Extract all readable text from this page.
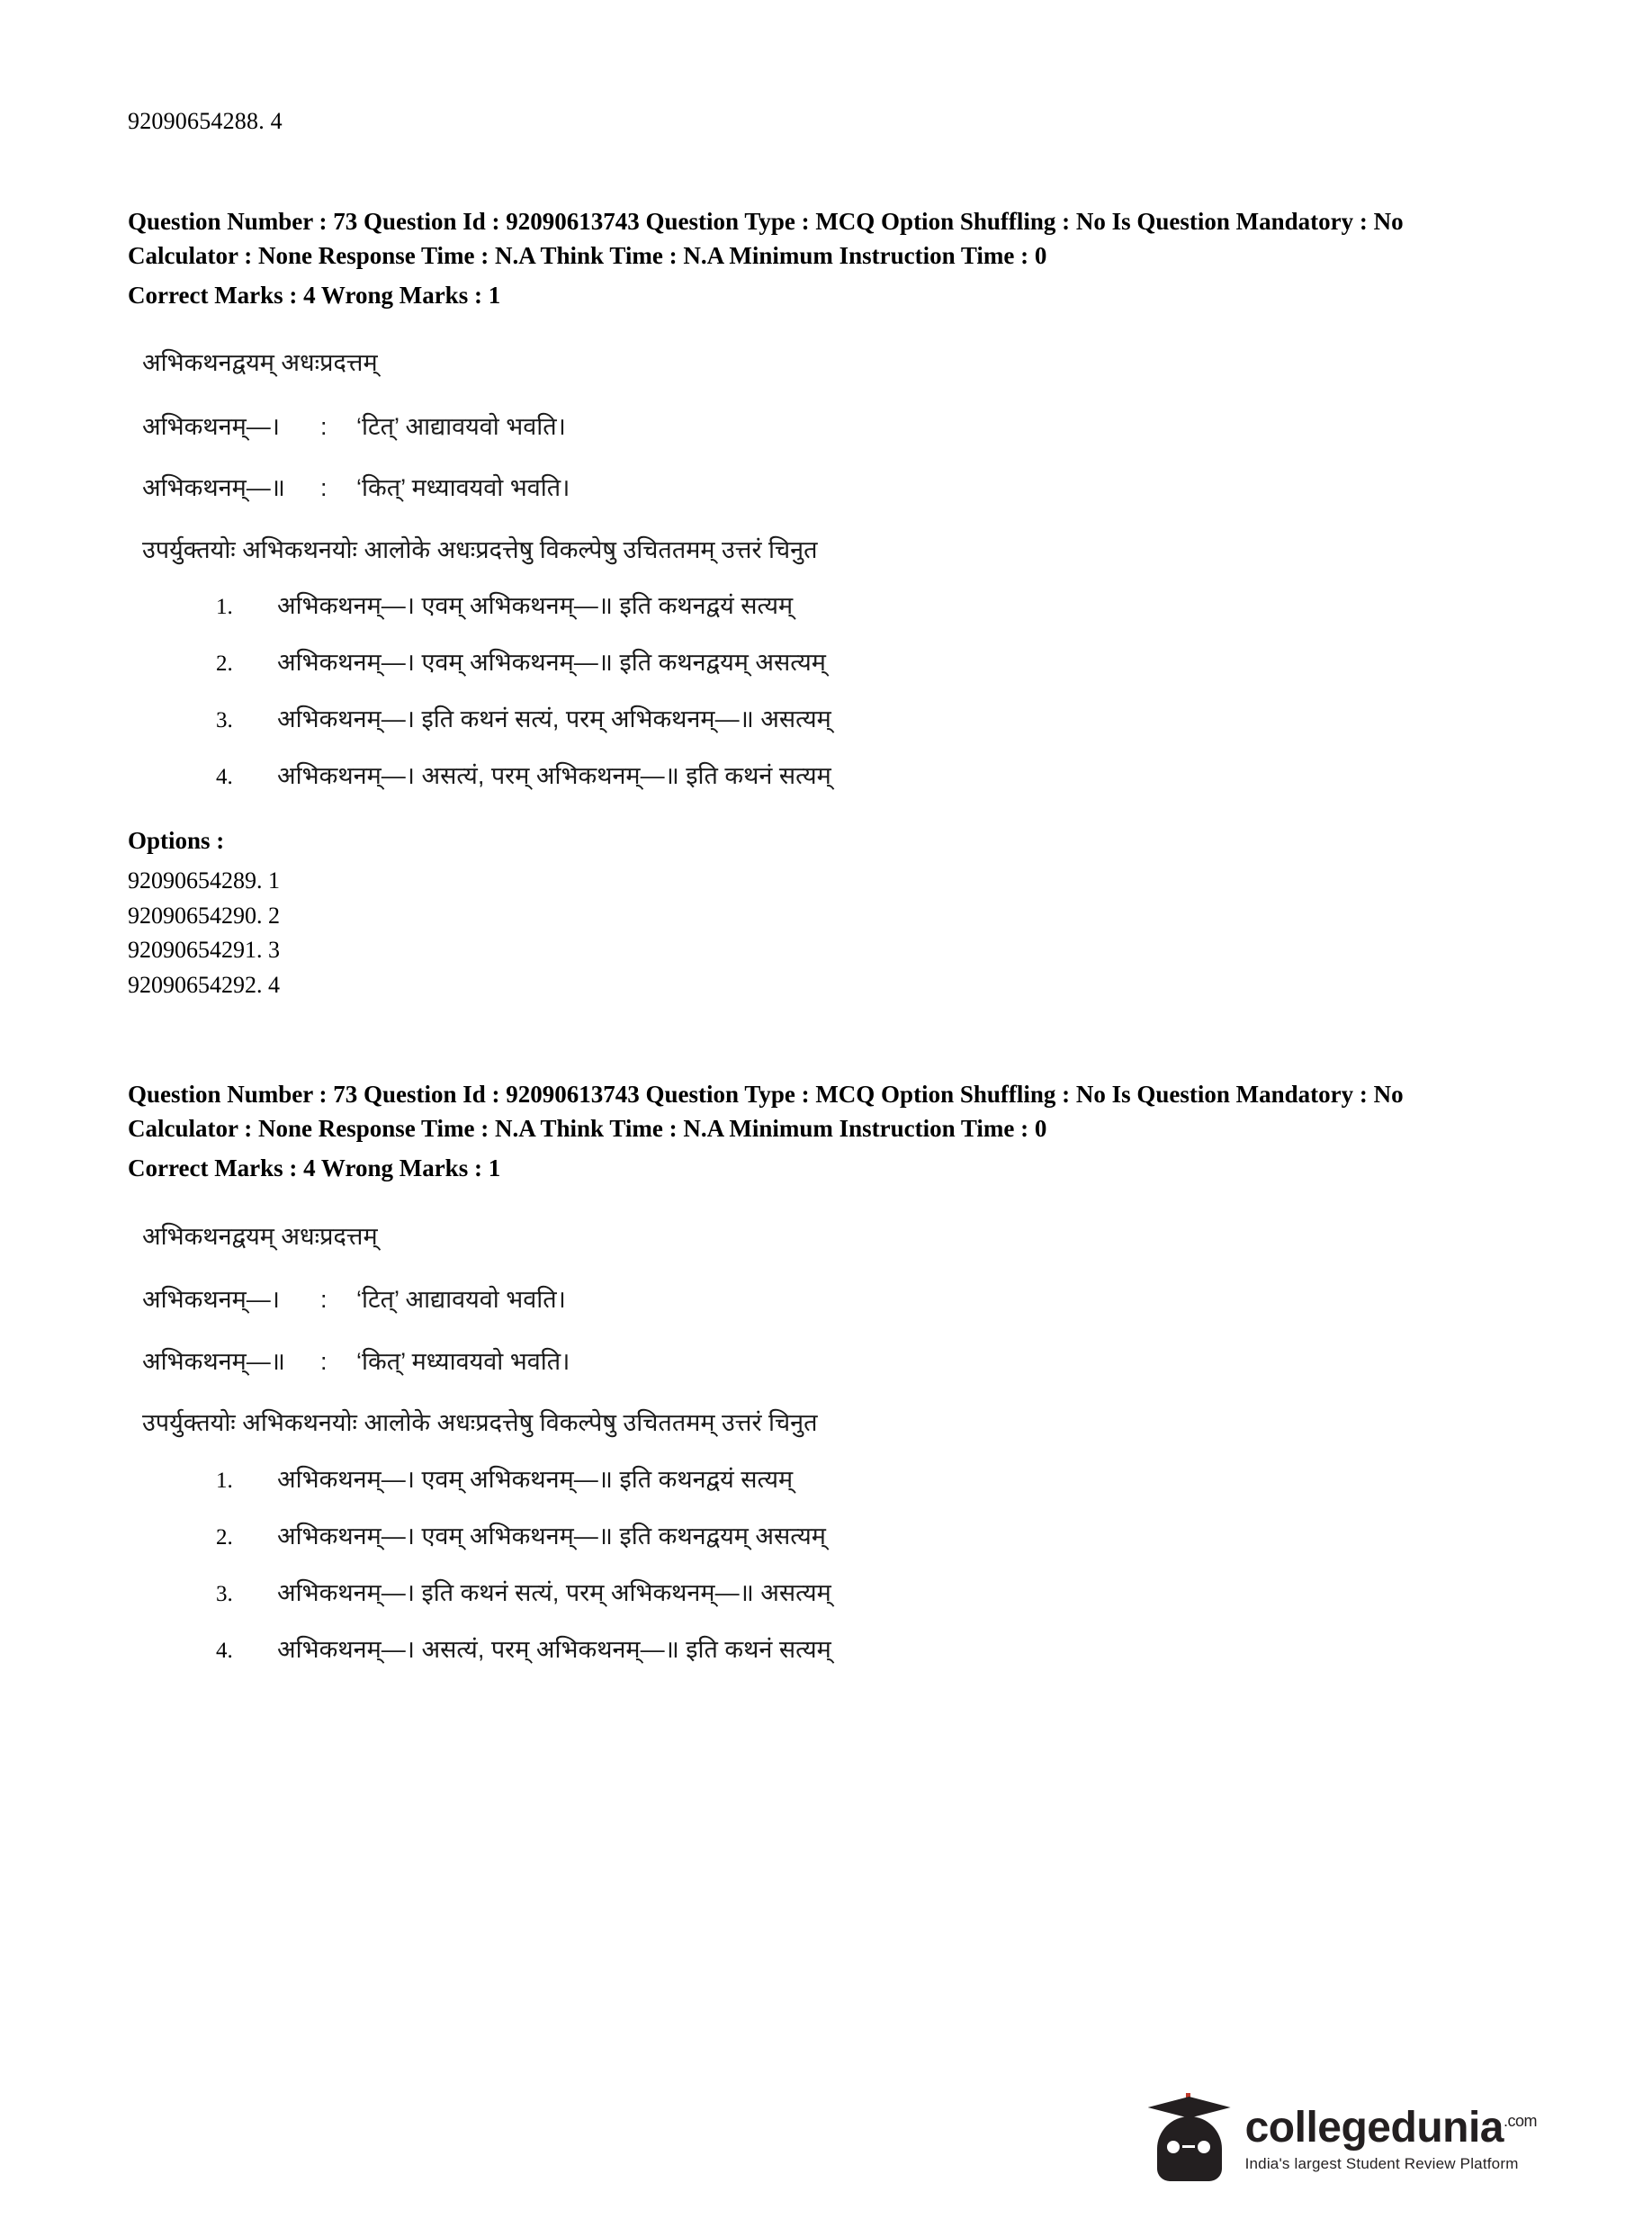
92090654288. 4
Question Number : 73 Question Id : 92090613743 Question Type : MCQ Option Shuffling : No Is Question Mandatory : No Calculator : None Response Time : N.A Think Time : N.A Minimum Instruction Time : 0
Correct Marks : 4 Wrong Marks : 1
अभिकथनद्वयम् अधःप्रदत्तम्
अभिकथनम्—।	:	‘टित्’ आद्यावयवो भवति।
अभिकथनम्—॥	:	‘कित्’ मध्यावयवो भवति।
उपर्युक्तयोः अभिकथनयोः आलोके अधःप्रदत्तेषु विकल्पेषु उचिततमम् उत्तरं चिनुत
1.	अभिकथनम्—। एवम् अभिकथनम्—॥ इति कथनद्वयं सत्यम्
2.	अभिकथनम्—। एवम् अभिकथनम्—॥ इति कथनद्वयम् असत्यम्
3.	अभिकथनम्—। इति कथनं सत्यं, परम् अभिकथनम्—॥ असत्यम्
4.	अभिकथनम्—। असत्यं, परम् अभिकथनम्—॥ इति कथनं सत्यम्
Options :
92090654289. 1
92090654290. 2
92090654291. 3
92090654292. 4
Question Number : 73 Question Id : 92090613743 Question Type : MCQ Option Shuffling : No Is Question Mandatory : No Calculator : None Response Time : N.A Think Time : N.A Minimum Instruction Time : 0
Correct Marks : 4 Wrong Marks : 1
अभिकथनद्वयम् अधःप्रदत्तम्
अभिकथनम्—।	:	‘टित्’ आद्यावयवो भवति।
अभिकथनम्—॥	:	‘कित्’ मध्यावयवो भवति।
उपर्युक्तयोः अभिकथनयोः आलोके अधःप्रदत्तेषु विकल्पेषु उचिततमम् उत्तरं चिनुत
1.	अभिकथनम्—। एवम् अभिकथनम्—॥ इति कथनद्वयं सत्यम्
2.	अभिकथनम्—। एवम् अभिकथनम्—॥ इति कथनद्वयम् असत्यम्
3.	अभिकथनम्—। इति कथनं सत्यं, परम् अभिकथनम्—॥ असत्यम्
4.	अभिकथनम्—। असत्यं, परम् अभिकथनम्—॥ इति कथनं सत्यम्
collegedunia$^{.com}$
India's largest Student Review Platform
